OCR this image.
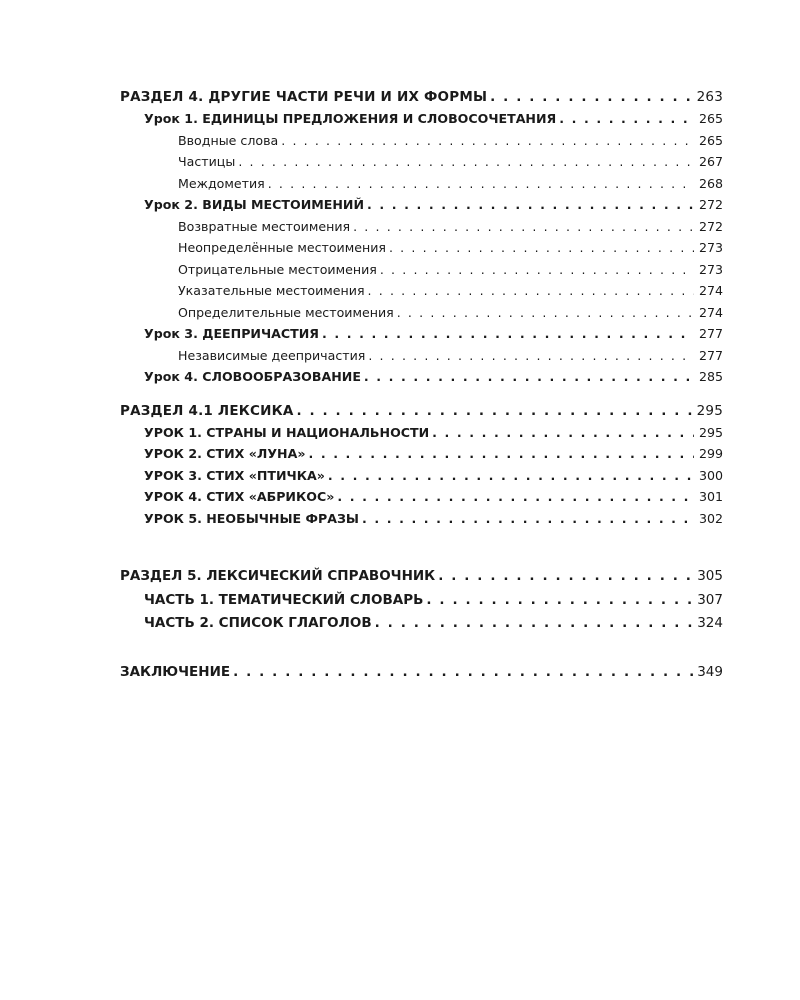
РАЗДЕЛ 4. ДРУГИЕ ЧАСТИ РЕЧИ И ИХ ФОРМЫ . . .	263
Урок 1. ЕДИНИЦЫ ПРЕДЛОЖЕНИЯ И СЛОВОСОЧЕТАНИЯ . . .	265
Вводные слова . . .	265
Частицы . . .	267
Междометия . . .	268
Урок 2. ВИДЫ МЕСТОИМЕНИЙ . . .	272
Возвратные местоимения . . .	272
Неопределённые местоимения . . .	273
Отрицательные местоимения . . .	273
Указательные местоимения . . .	274
Определительные местоимения . . .	274
Урок 3. ДЕЕПРИЧАСТИЯ . . .	277
Независимые деепричастия . . .	277
Урок 4. СЛОВООБРАЗОВАНИЕ . . .	285
РАЗДЕЛ 4.1 ЛЕКСИКА . . .	295
УРОК 1. СТРАНЫ И НАЦИОНАЛЬНОСТИ . . .	295
УРОК 2. СТИХ «ЛУНА» . . .	299
УРОК 3. СТИХ «ПТИЧКА» . . .	300
УРОК 4. СТИХ «АБРИКОС» . . .	301
УРОК 5. НЕОБЫЧНЫЕ ФРАЗЫ . . .	302
РАЗДЕЛ 5. ЛЕКСИЧЕСКИЙ СПРАВОЧНИК . . .	305
ЧАСТЬ 1. ТЕМАТИЧЕСКИЙ СЛОВАРЬ . . .	307
ЧАСТЬ 2. СПИСОК ГЛАГОЛОВ . . .	324
ЗАКЛЮЧЕНИЕ . . .	349
